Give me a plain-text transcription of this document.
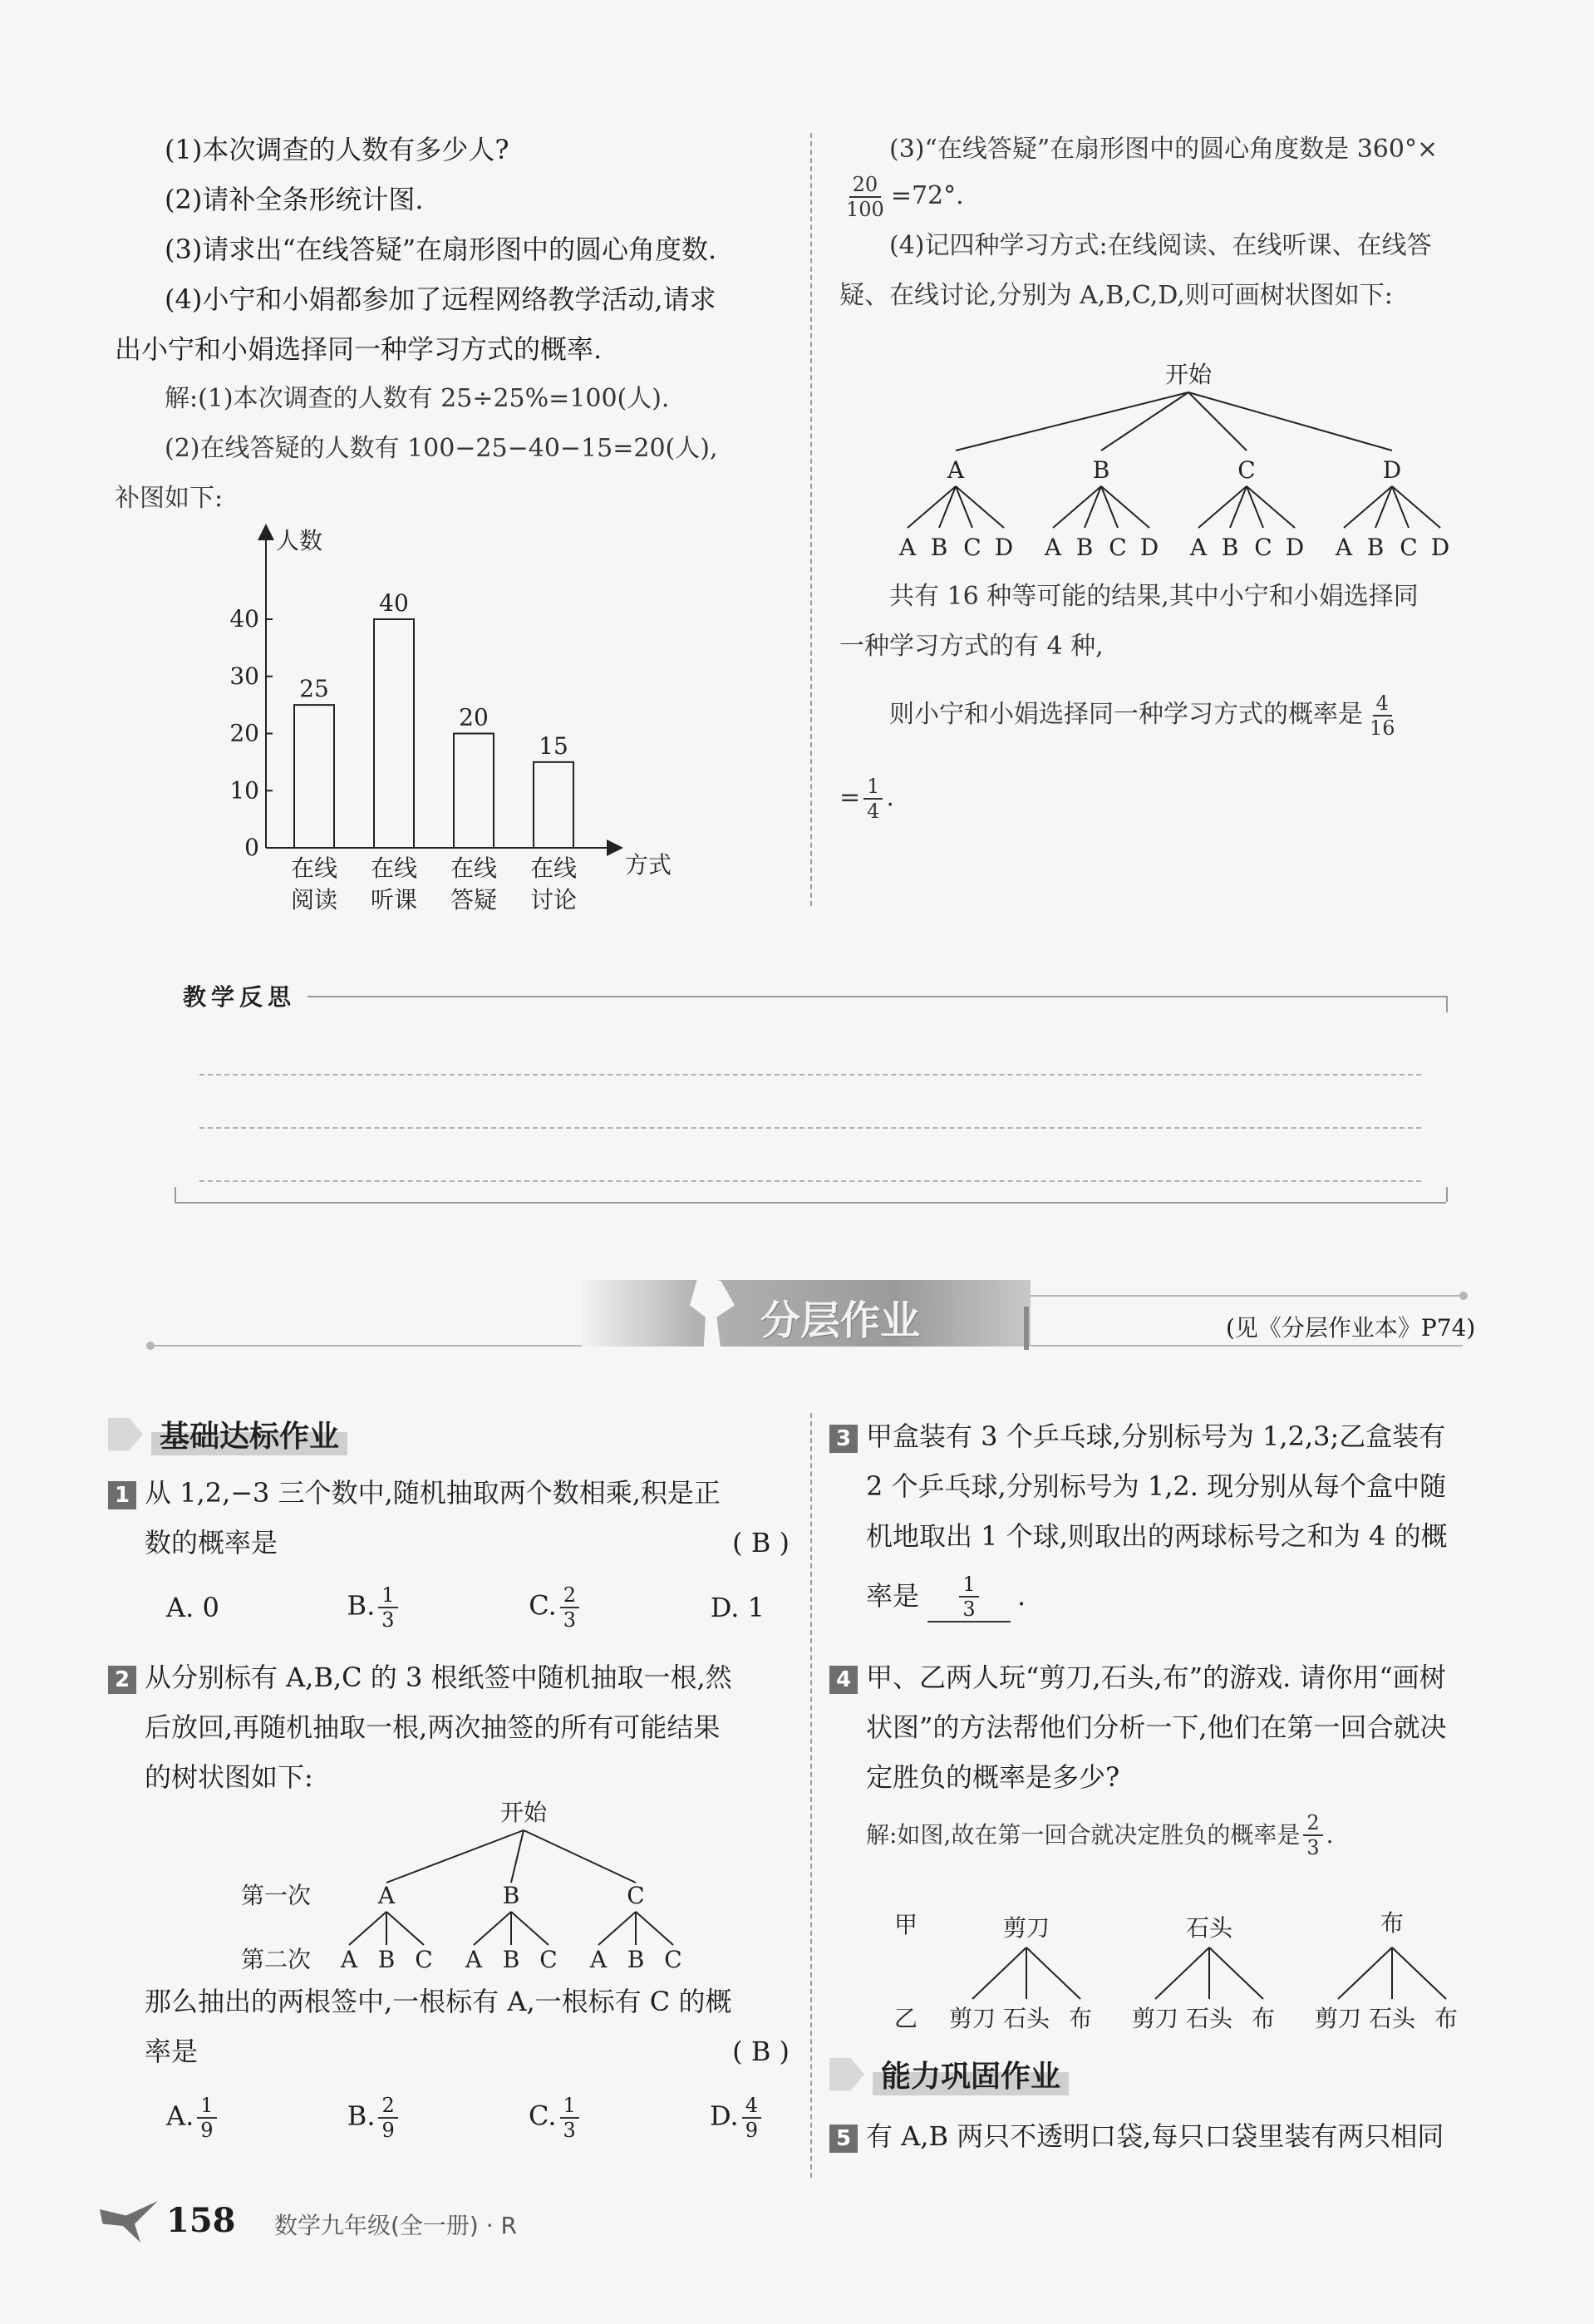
(1)本次调查的人数有多少人?
(2)请补全条形统计图.
(3)请求出“在线答疑”在扇形图中的圆心角度数.
(4)小宁和小娟都参加了远程网络教学活动,请求
出小宁和小娟选择同一种学习方式的概率.
解:(1)本次调查的人数有 25÷25%=100(人).
(2)在线答疑的人数有 100−25−40−15=20(人),
补图如下:
人数
方式
0
10
20
30
40
25
在线
阅读
40
在线
听课
20
在线
答疑
15
在线
讨论
(3)“在线答疑”在扇形图中的圆心角度数是 360°×
$\frac{20}{100} =72^\circ$.
(4)记四种学习方式:在线阅读、在线听课、在线答
疑、在线讨论,分别为 A,B,C,D,则可画树状图如下:
开始
A
A B C D
B
A B C D
C
A B C D
D
A B C D
共有 16 种等可能的结果,其中小宁和小娟选择同
一种学习方式的有 4 种,
则小宁和小娟选择同一种学习方式的概率是 $\frac{4}{16}$
= $\frac{1}{4}$ .
教学反思
分层作业	(见《分层作业本》P74)
基础达标作业
1 从 1,2,−3 三个数中,随机抽取两个数相乘,积是正
数的概率是	( B )
A. 0	B. $\frac{1}{3}$	C. $\frac{2}{3}$	D. 1
2 从分别标有 A,B,C 的 3 根纸签中随机抽取一根,然
后放回,再随机抽取一根,两次抽签的所有可能结果
的树状图如下:
开始
第一次
第二次
A
A B C
B
A B C
C
A B C
那么抽出的两根签中,一根标有 A,一根标有 C 的概
率是	( B )
A. $\frac{1}{9}$	B. $\frac{2}{9}$	C. $\frac{1}{3}$	D. $\frac{4}{9}$
3 甲盒装有 3 个乒乓球,分别标号为 1,2,3;乙盒装有
2 个乒乓球,分别标号为 1,2. 现分别从每个盒中随
机地取出 1 个球,则取出的两球标号之和为 4 的概
率是 $\frac{1}{3}$ .
4 甲、乙两人玩“剪刀,石头,布”的游戏. 请你用“画树
状图”的方法帮他们分析一下,他们在第一回合就决
定胜负的概率是多少?
解:如图,故在第一回合就决定胜负的概率是 $\frac{2}{3}$ .
甲
乙
剪刀
剪刀 石头 布
石头
剪刀 石头 布
布
剪刀 石头 布
能力巩固作业
5 有 A,B 两只不透明口袋,每只口袋里装有两只相同
158 数学九年级(全一册) · R
